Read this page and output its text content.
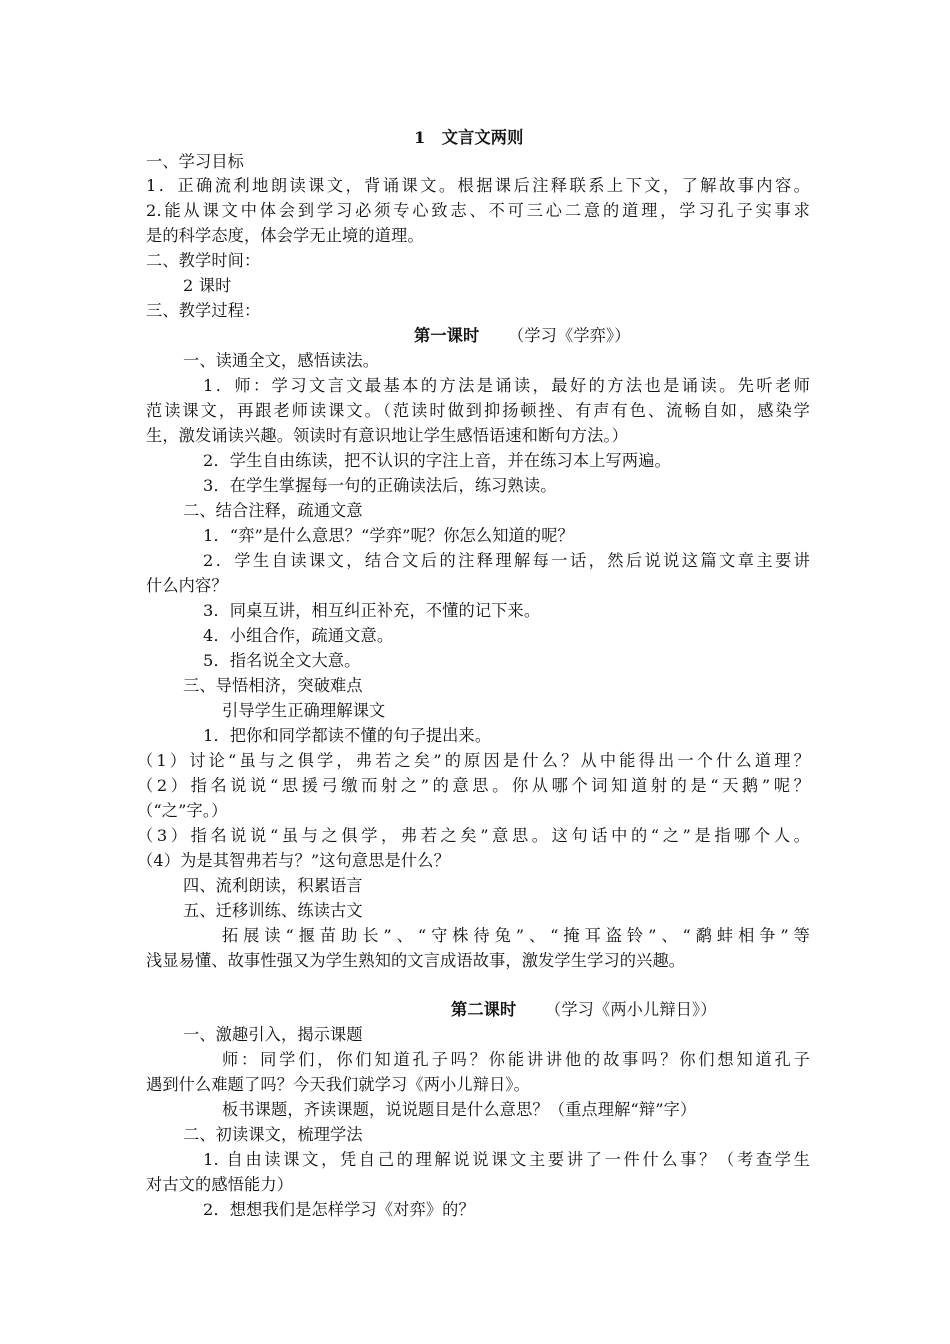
1　文言文两则
一、学习目标
1．正确流利地朗读课文，背诵课文。根据课后注释联系上下文，了解故事内容。
2.能从课文中体会到学习必须专心致志、不可三心二意的道理，学习孔子实事求
是的科学态度，体会学无止境的道理。
二、教学时间：
2 课时
三、教学过程：
第一课时 （学习《学弈》）
一、读通全文，感悟读法。
1．师：学习文言文最基本的方法是诵读，最好的方法也是诵读。先听老师
范读课文，再跟老师读课文。（范读时做到抑扬顿挫、有声有色、流畅自如，感染学
生，激发诵读兴趣。领读时有意识地让学生感悟语速和断句方法。）
2．学生自由练读，把不认识的字注上音，并在练习本上写两遍。
3．在学生掌握每一句的正确读法后，练习熟读。
二、结合注释，疏通文意
1．“弈”是什么意思？“学弈”呢？你怎么知道的呢？
2．学生自读课文，结合文后的注释理解每一话，然后说说这篇文章主要讲
什么内容？
3．同桌互讲，相互纠正补充，不懂的记下来。
4．小组合作，疏通文意。
5．指名说全文大意。
三、导悟相济，突破难点
引导学生正确理解课文
1．把你和同学都读不懂的句子提出来。
（1）讨论“虽与之俱学，弗若之矣”的原因是什么？从中能得出一个什么道理？
（2）指名说说“思援弓缴而射之”的意思。你从哪个词知道射的是“天鹅”呢？
（“之”字。）
（3）指名说说“虽与之俱学，弗若之矣”意思。这句话中的“之”是指哪个人。
（4）为是其智弗若与？”这句意思是什么？
四、流利朗读，积累语言
五、迁移训练、练读古文
拓展读“揠苗助长”、“守株待兔”、“掩耳盗铃”、“鹬蚌相争”等
浅显易懂、故事性强又为学生熟知的文言成语故事，激发学生学习的兴趣。
第二课时 （学习《两小儿辩日》）
一、激趣引入，揭示课题
师：同学们，你们知道孔子吗？你能讲讲他的故事吗？你们想知道孔子
遇到什么难题了吗？今天我们就学习《两小儿辩日》。
板书课题，齐读课题，说说题目是什么意思？（重点理解“辩”字）
二、初读课文，梳理学法
1. 自由读课文，凭自己的理解说说课文主要讲了一件什么事？（考查学生
对古文的感悟能力）
2．想想我们是怎样学习《对弈》的？
